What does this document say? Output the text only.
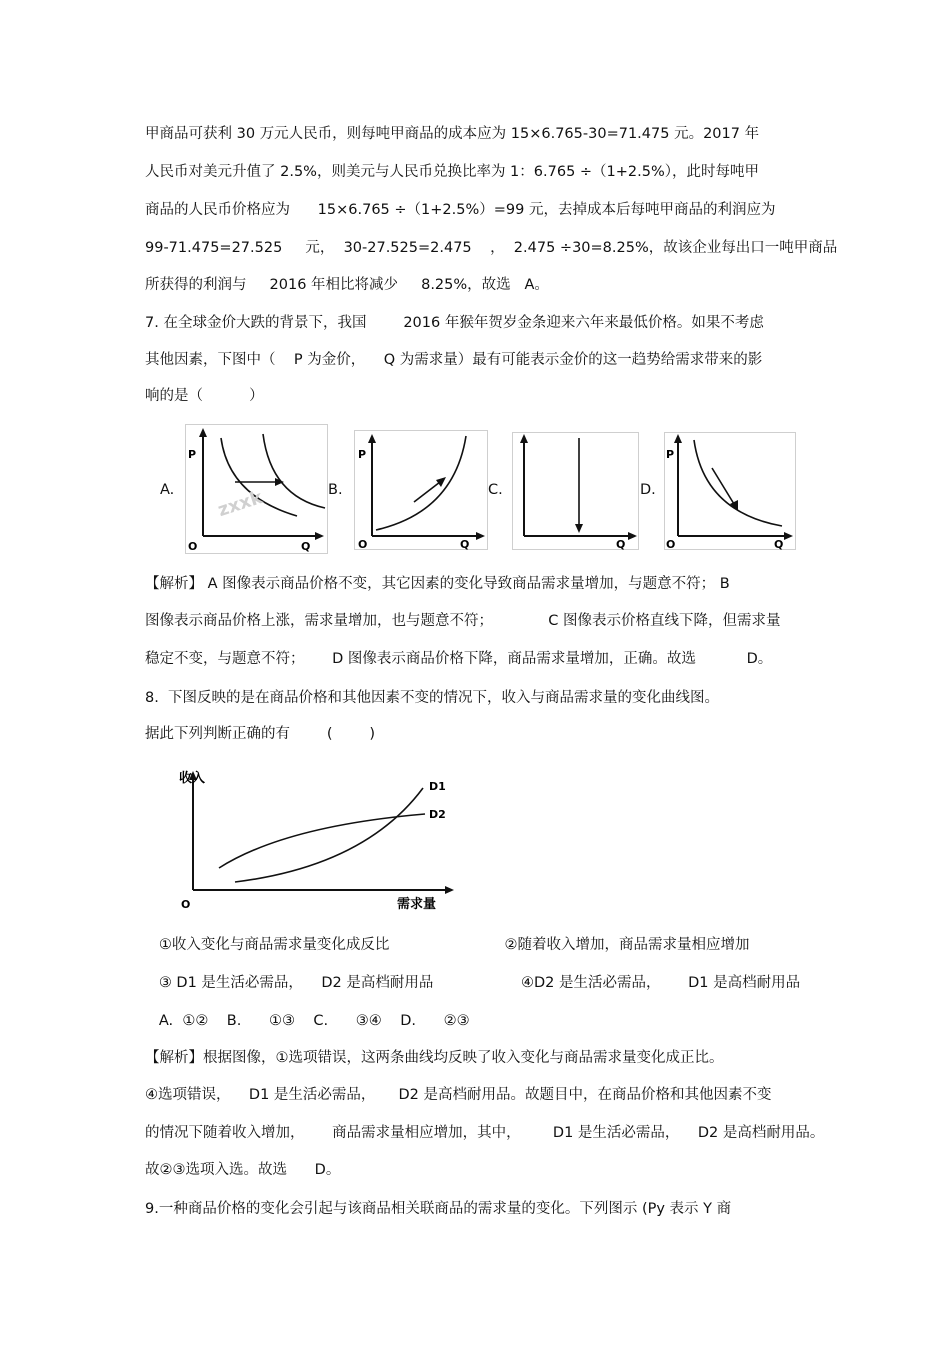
甲商品可获利 30 万元人民币，则每吨甲商品的成本应为 15×6.765-30=71.475 元。2017 年
人民币对美元升值了 2.5%，则美元与人民币兑换比率为 1：6.765 ÷（1+2.5%），此时每吨甲
商品的人民币价格应为      15×6.765 ÷（1+2.5%）=99 元，去掉成本后每吨甲商品的利润应为
99-71.475=27.525     元，  30-27.525=2.475    ，  2.475 ÷30=8.25%，故该企业每出口一吨甲商品
所获得的利润与     2016 年相比将减少     8.25%，故选   A。
7. 在全球金价大跌的背景下，我国        2016 年猴年贺岁金条迎来六年来最低价格。如果不考虑
其他因素，下图中（    P 为金价，    Q 为需求量）最有可能表示金价的这一趋势给需求带来的影
响的是（          ）
A.	B.	C.	D.
zxxk
P
O	Q
P
O	Q	Q
P
O	Q
【解析】 A 图像表示商品价格不变，其它因素的变化导致商品需求量增加，与题意不符； B
图像表示商品价格上涨，需求量增加，也与题意不符；            C 图像表示价格直线下降，但需求量
稳定不变，与题意不符；      D 图像表示商品价格下降，商品需求量增加，正确。故选           D。
8.  下图反映的是在商品价格和其他因素不变的情况下，收入与商品需求量的变化曲线图。
据此下列判断正确的有        (        )
收入
O	需求量
D1
D2
①收入变化与商品需求量变化成反比                         ②随着收入增加，商品需求量相应增加
③ D1 是生活必需品，    D2 是高档耐用品                   ④D2 是生活必需品，      D1 是高档耐用品
A.  ①②    B.      ①③    C.      ③④    D.      ②③
【解析】根据图像，①选项错误，这两条曲线均反映了收入变化与商品需求量变化成正比。
④选项错误，    D1 是生活必需品，     D2 是高档耐用品。故题目中，在商品价格和其他因素不变
的情况下随着收入增加，      商品需求量相应增加，其中，       D1 是生活必需品，    D2 是高档耐用品。
故②③选项入选。故选      D。
9.一种商品价格的变化会引起与该商品相关联商品的需求量的变化。下列图示 (Py 表示 Y 商
